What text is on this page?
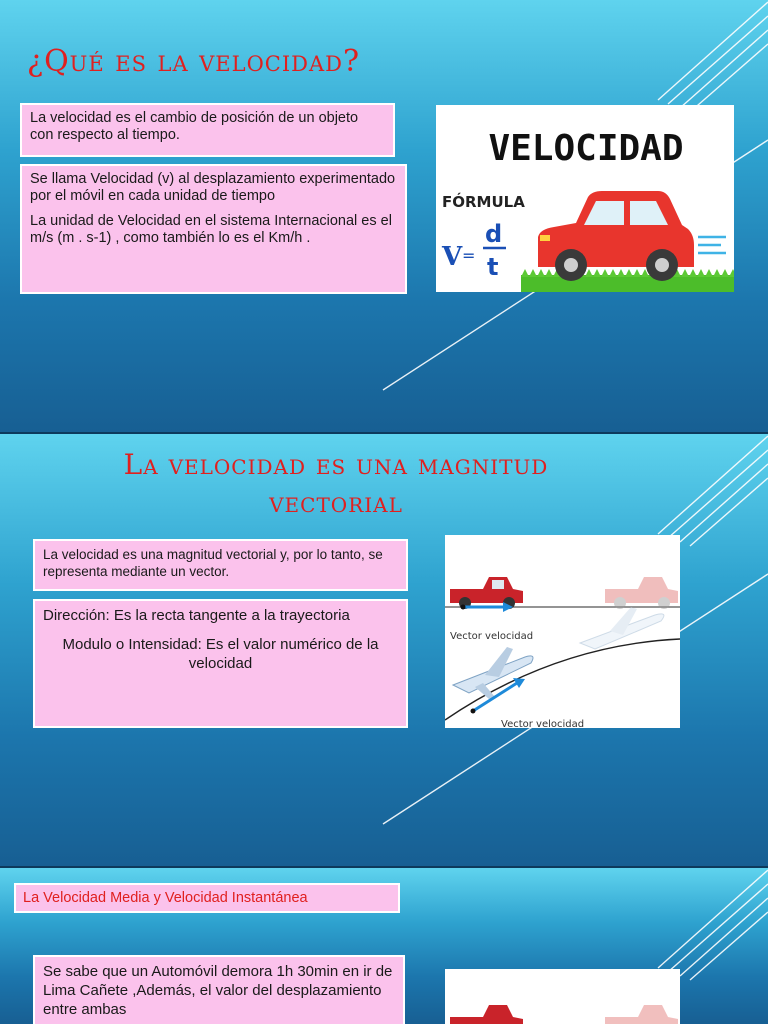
¿Qué es la velocidad?

La velocidad es el cambio de posición de un objeto con respecto al tiempo.

Se llama Velocidad (v) al desplazamiento experimentado por el móvil en cada unidad de tiempo

La unidad de Velocidad en el sistema Internacional es el m/s (m . s-1) , como también lo es el Km/h .

VELOCIDAD
FÓRMULA
V =
d
t
La velocidad es una magnitud
vectorial

La velocidad es una magnitud vectorial y, por lo tanto, se representa mediante un vector.

Dirección: Es la recta tangente a la trayectoria

Modulo o Intensidad: Es el valor numérico de la velocidad

Vector velocidad
Vector velocidad
La Velocidad Media y Velocidad Instantánea

Se sabe que un Automóvil demora 1h 30min en ir de Lima Cañete ,Además, el valor del desplazamiento entre ambas
